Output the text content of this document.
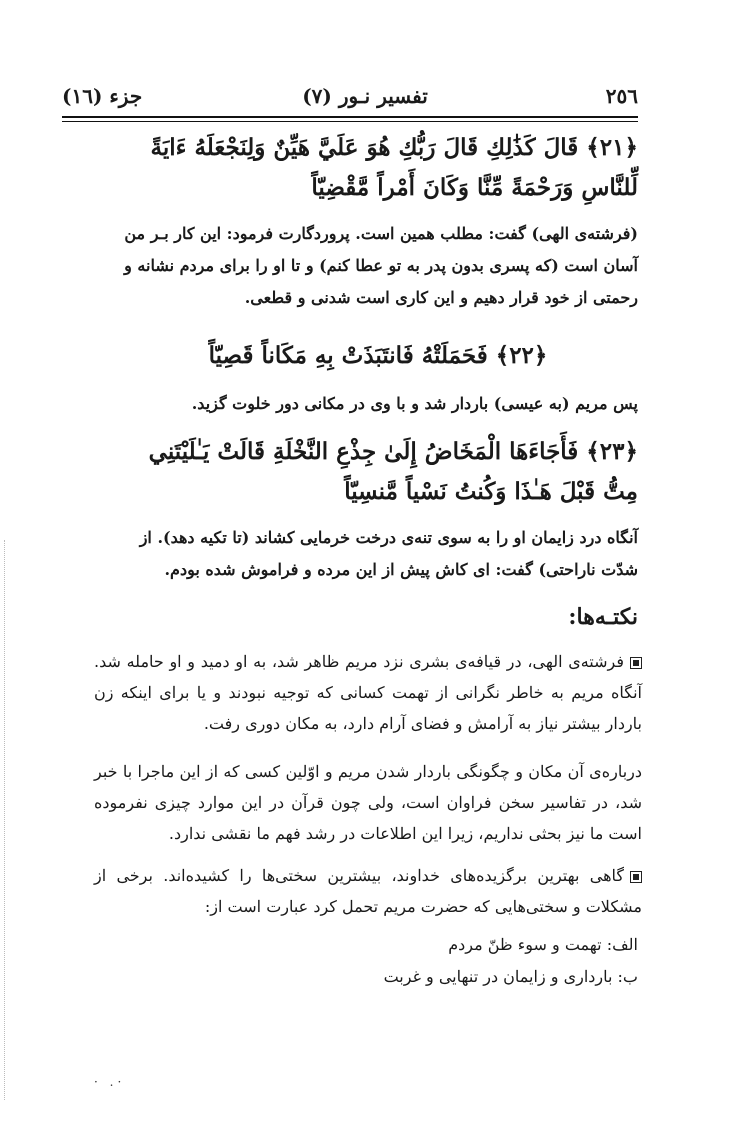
جزء (١٦)	تفسیر نـور (٧)	٢٥٦
﴿٢١﴾ قَالَ كَذَٰلِكِ قَالَ رَبُّكِ هُوَ عَلَيَّ هَيِّنٌ وَلِنَجْعَلَهُ ءَايَةً لِّلنَّاسِ وَرَحْمَةً مِّنَّا وَكَانَ أَمْراً مَّقْضِيّاً
(فرشته‌ی الهی) گفت: مطلب همین است. پروردگارت فرمود: این کار بـر من آسان است (که پسری بدون پدر به تو عطا کنم) و تا او را برای مردم نشانه و رحمتی از خود قرار دهیم و این کاری است شدنی و قطعی.
﴿٢٢﴾ فَحَمَلَتْهُ فَانتَبَذَتْ بِهِ مَكَاناً قَصِيّاً
پس مریم (به عیسی) باردار شد و با وی در مکانی دور خلوت گزید.
﴿٢٣﴾ فَأَجَاءَهَا الْمَخَاضُ إِلَىٰ جِذْعِ النَّخْلَةِ قَالَتْ يَـٰلَيْتَنِي مِتُّ قَبْلَ هَـٰذَا وَكُنتُ نَسْياً مَّنسِيّاً
آنگاه درد زایمان او را به سوی تنه‌ی درخت خرمایی کشاند (تا تکیه دهد). از شدّت ناراحتی) گفت: ای کاش پیش از این مرده و فراموش شده بودم.
نکتـه‌ها:
فرشته‌ی الهی، در قیافه‌ی بشری نزد مریم ظاهر شد، به او دمید و او حامله شد. آنگاه مریم به خاطر نگرانی از تهمت کسانی که توجیه نبودند و یا برای اینکه زن باردار بیشتر نیاز به آرامش و فضای آرام دارد، به مکان دوری رفت.
درباره‌ی آن مکان و چگونگی باردار شدن مریم و اوّلین کسی که از این ماجرا با خبر شد، در تفاسیر سخن فراوان است، ولی چون قرآن در این موارد چیزی نفرموده است ما نیز بحثی نداریم، زیرا این اطلاعات در رشد فهم ما نقشی ندارد.
گاهی بهترین برگزیده‌های خداوند، بیشترین سختی‌ها را کشیده‌اند. برخی از مشکلات و سختی‌هایی که حضرت مریم تحمل کرد عبارت است از:
الف: تهمت و سوء ظنّ مردم
ب: بارداری و زایمان در تنهایی و غربت
· .·
